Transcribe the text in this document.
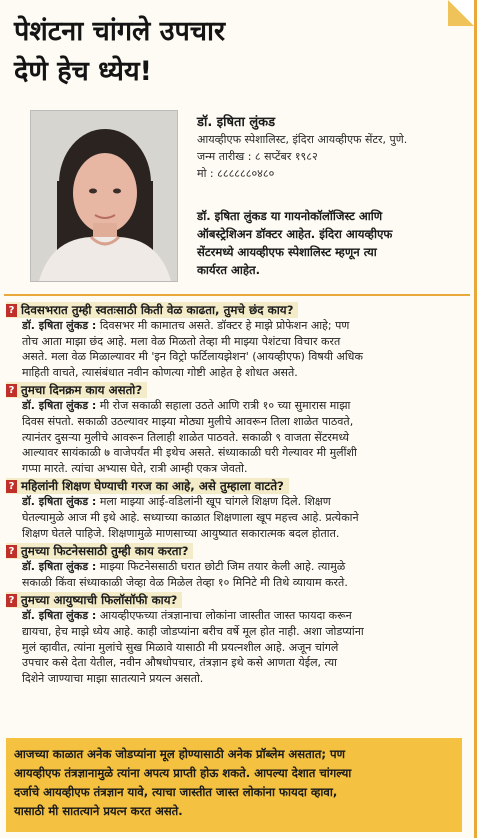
पेशंटना चांगले उपचार
देणे हेच ध्येय!
डॉ. इषिता लुंकड
आयव्हीएफ स्पेशालिस्ट, इंदिरा आयव्हीएफ सेंटर, पुणे.
जन्म तारीख : ८ सप्टेंबर १९८२
मो : ८८८८८८०४८०
डॉ. इषिता लुंकड या गायनोकॉलॉजिस्ट आणि
ऑबस्ट्रेशिअन डॉक्टर आहेत. इंदिरा आयव्हीएफ
सेंटरमध्ये आयव्हीएफ स्पेशालिस्ट म्हणून त्या
कार्यरत आहेत.
? दिवसभरात तुम्ही स्वतःसाठी किती वेळ काढता, तुमचे छंद काय?
डॉ. इषिता लुंकड : दिवसभर मी कामातच असते. डॉक्टर हे माझे प्रोफेशन आहे; पण
तोच आता माझा छंद आहे. मला वेळ मिळतो तेव्हा मी माझ्या पेशंटचा विचार करत
असते. मला वेळ मिळाल्यावर मी 'इन विट्रो फर्टिलायझेशन' (आयव्हीएफ) विषयी अधिक
माहिती वाचते, त्यासंबंधात नवीन कोणत्या गोष्टी आहेत हे शोधत असते.
? तुमचा दिनक्रम काय असतो?
डॉ. इषिता लुंकड : मी रोज सकाळी सहाला उठते आणि रात्री १० च्या सुमारास माझा
दिवस संपतो. सकाळी उठल्यावर माझ्या मोठ्या मुलीचे आवरून तिला शाळेत पाठवते,
त्यानंतर दुसऱ्या मुलीचे आवरून तिलाही शाळेत पाठवते. सकाळी ९ वाजता सेंटरमध्ये
आल्यावर सायंकाळी ७ वाजेपर्यंत मी इथेच असते. संध्याकाळी घरी गेल्यावर मी मुलींशी
गप्पा मारते. त्यांचा अभ्यास घेते, रात्री आम्ही एकत्र जेवतो.
? महिलांनी शिक्षण घेण्याची गरज का आहे, असे तुम्हाला वाटते?
डॉ. इषिता लुंकड : मला माझ्या आई-वडिलांनी खूप चांगले शिक्षण दिले. शिक्षण
घेतल्यामुळे आज मी इथे आहे. सध्याच्या काळात शिक्षणाला खूप महत्त्व आहे. प्रत्येकाने
शिक्षण घेतले पाहिजे. शिक्षणामुळे माणसाच्या आयुष्यात सकारात्मक बदल होतात.
? तुमच्या फिटनेससाठी तुम्ही काय करता?
डॉ. इषिता लुंकड : माझ्या फिटनेससाठी घरात छोटी जिम तयार केली आहे. त्यामुळे
सकाळी किंवा संध्याकाळी जेव्हा वेळ मिळेल तेव्हा १० मिनिटे मी तिथे व्यायाम करते.
? तुमच्या आयुष्याची फिलॉसॉफी काय?
डॉ. इषिता लुंकड : आयव्हीएफच्या तंत्रज्ञानाचा लोकांना जास्तीत जास्त फायदा करून
द्यायचा, हेच माझे ध्येय आहे. काही जोडप्यांना बरीच वर्षे मूल होत नाही. अशा जोडप्यांना
मुलं व्हावीत, त्यांना मुलांचे सुख मिळावे यासाठी मी प्रयत्नशील आहे. अजून चांगले
उपचार कसे देता येतील, नवीन औषधोपचार, तंत्रज्ञान इथे कसे आणता येईल, त्या
दिशेने जाण्याचा माझा सातत्याने प्रयत्न असतो.
आजच्या काळात अनेक जोडप्यांना मूल होण्यासाठी अनेक प्रॉब्लेम असतात; पण
आयव्हीएफ तंत्रज्ञानामुळे त्यांना अपत्य प्राप्ती होऊ शकते. आपल्या देशात चांगल्या
दर्जाचे आयव्हीएफ तंत्रज्ञान यावे, त्याचा जास्तीत जास्त लोकांना फायदा व्हावा,
यासाठी मी सातत्याने प्रयत्न करत असते.
